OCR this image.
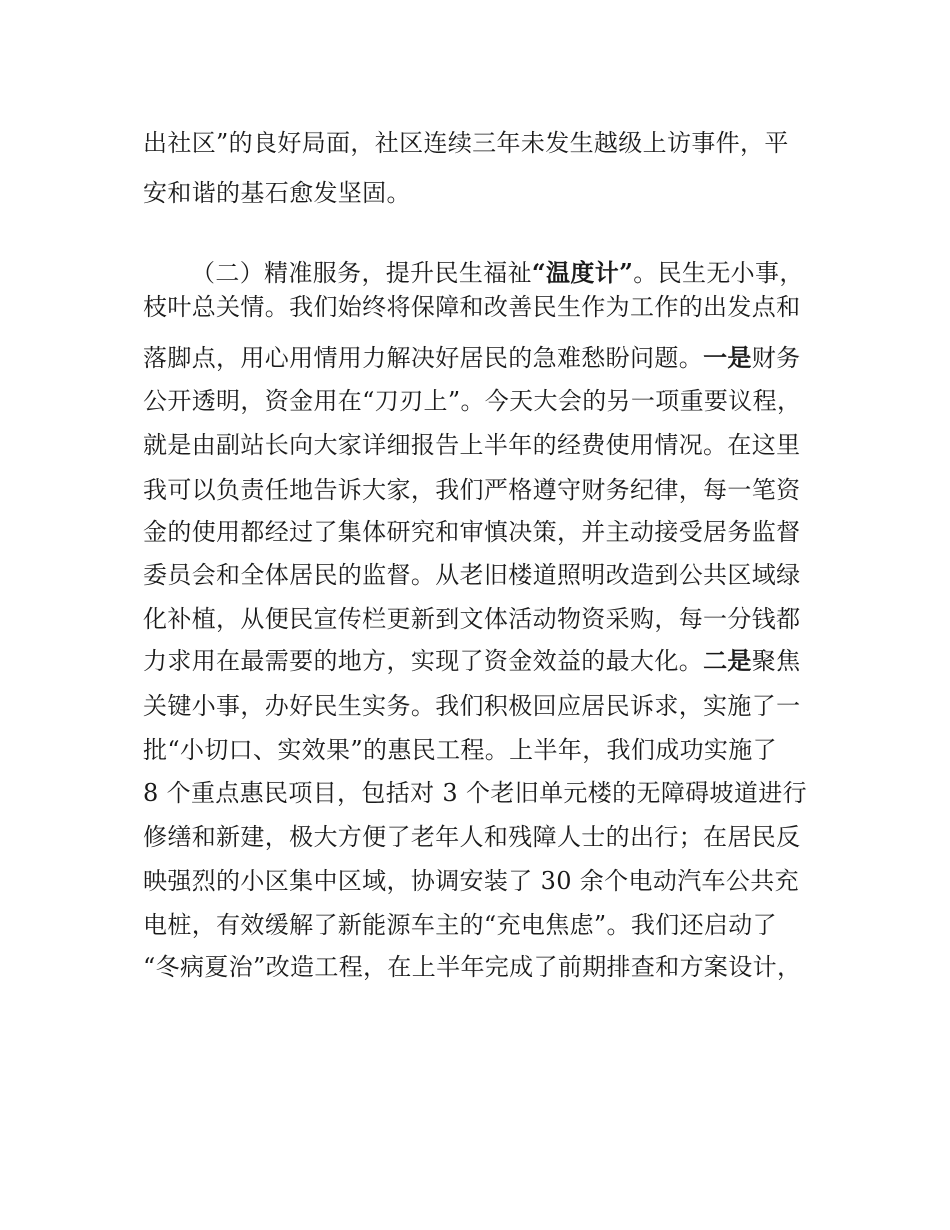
出社区”的良好局面，社区连续三年未发生越级上访事件，平
安和谐的基石愈发坚固。
（二）精准服务，提升民生福祉“温度计”。民生无小事，
枝叶总关情。我们始终将保障和改善民生作为工作的出发点和
落脚点，用心用情用力解决好居民的急难愁盼问题。一是财务
公开透明，资金用在“刀刃上”。今天大会的另一项重要议程，
就是由副站长向大家详细报告上半年的经费使用情况。在这里
我可以负责任地告诉大家，我们严格遵守财务纪律，每一笔资
金的使用都经过了集体研究和审慎决策，并主动接受居务监督
委员会和全体居民的监督。从老旧楼道照明改造到公共区域绿
化补植，从便民宣传栏更新到文体活动物资采购，每一分钱都
力求用在最需要的地方，实现了资金效益的最大化。二是聚焦
关键小事，办好民生实务。我们积极回应居民诉求，实施了一
批“小切口、实效果”的惠民工程。上半年，我们成功实施了
8 个重点惠民项目，包括对 3 个老旧单元楼的无障碍坡道进行
修缮和新建，极大方便了老年人和残障人士的出行；在居民反
映强烈的小区集中区域，协调安装了 30 余个电动汽车公共充
电桩，有效缓解了新能源车主的“充电焦虑”。我们还启动了
“冬病夏治”改造工程，在上半年完成了前期排查和方案设计，
